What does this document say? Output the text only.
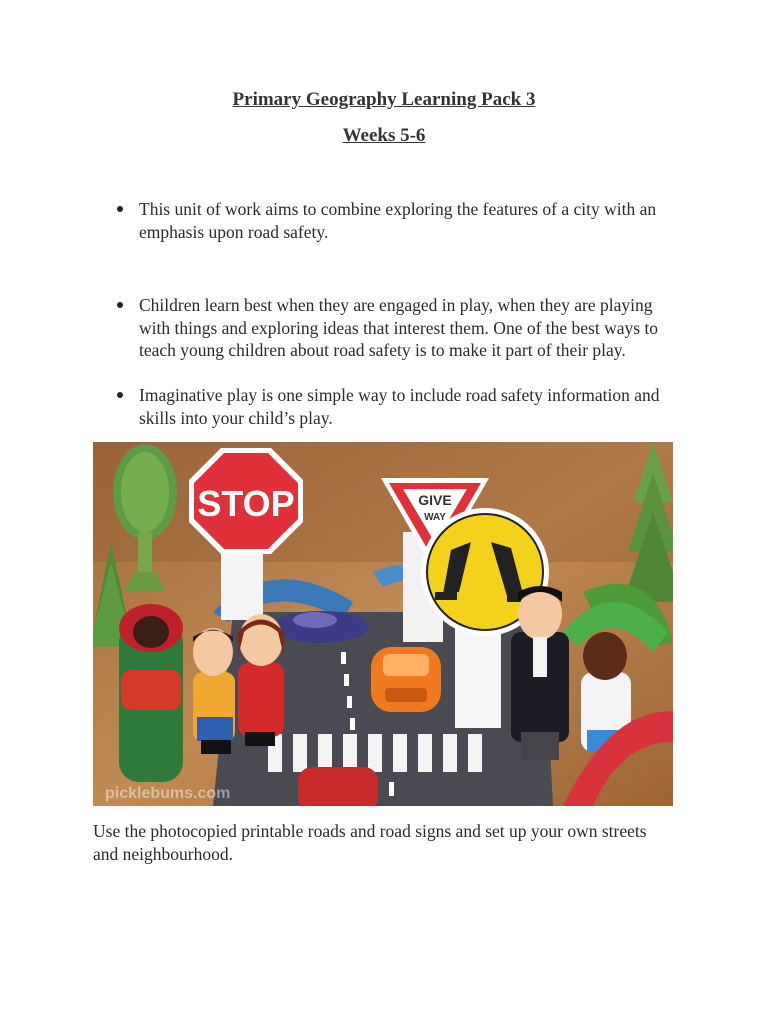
Primary Geography Learning Pack 3
Weeks 5-6
This unit of work aims to combine exploring the features of a city with an emphasis upon road safety.
Children learn best when they are engaged in play, when they are playing with things and exploring ideas that interest them. One of the best ways to teach young children about road safety is to make it part of their play.
Imaginative play is one simple way to include road safety information and skills into your child’s play.
STOP	GIVE
WAY
picklebums.com
Use the photocopied printable roads and road signs and set up your own streets and neighbourhood.
